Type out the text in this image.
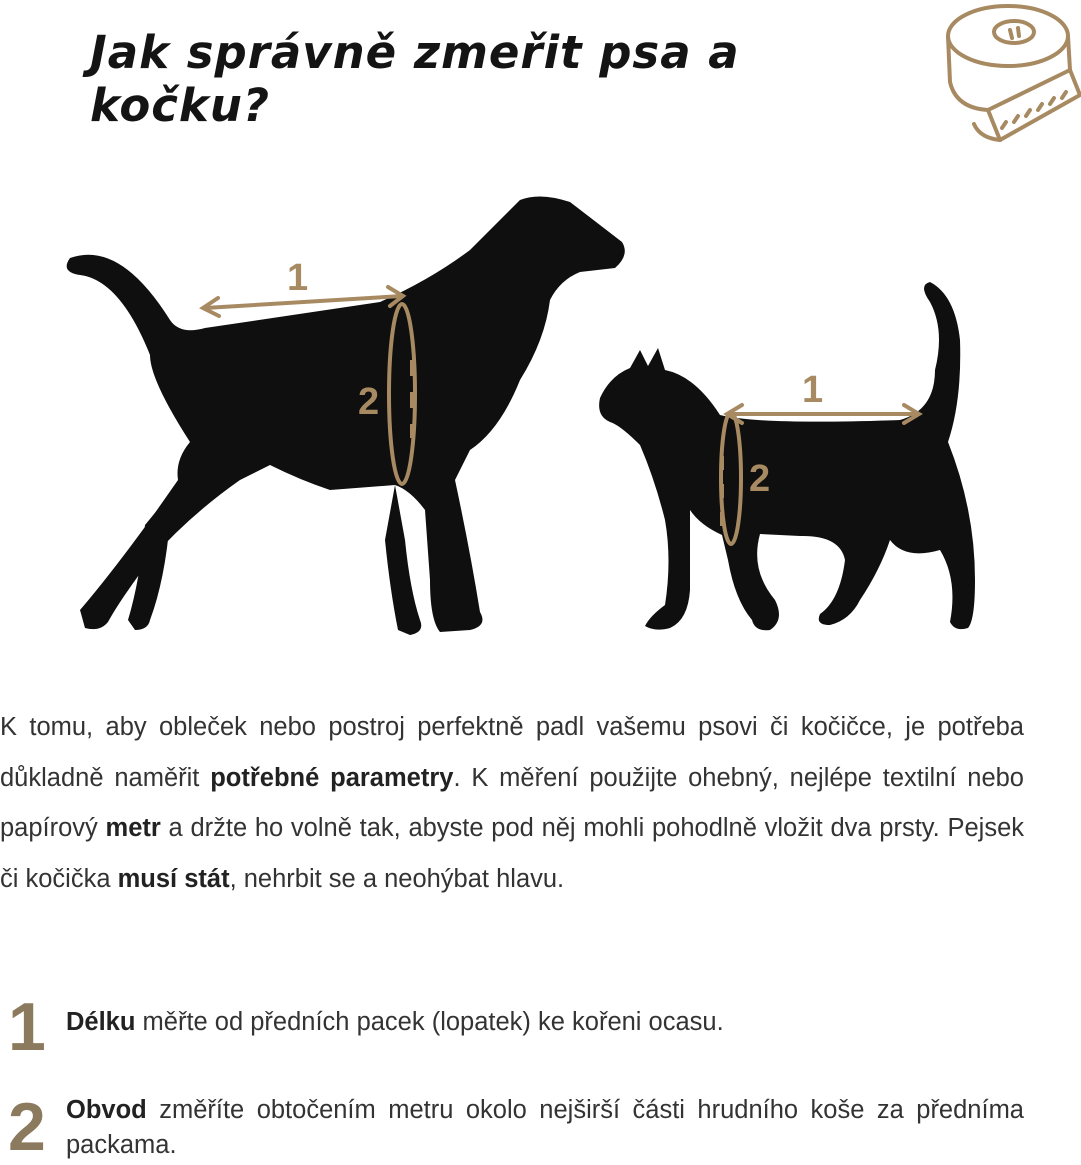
Jak správně zmeřit psa a kočku?
1
2	1
2
K tomu, aby obleček nebo postroj perfektně padl vašemu psovi či kočičce, je potřeba důkladně naměřit potřebné parametry. K měření použijte ohebný, nejlépe textilní nebo papírový metr a držte ho volně tak, abyste pod něj mohli pohodlně vložit dva prsty. Pejsek či kočička musí stát, nehrbit se a neohýbat hlavu.
1 Délku měřte od předních pacek (lopatek) ke kořeni ocasu.
2 Obvod změříte obtočením metru okolo nejširší části hrudního koše za předníma packama.
